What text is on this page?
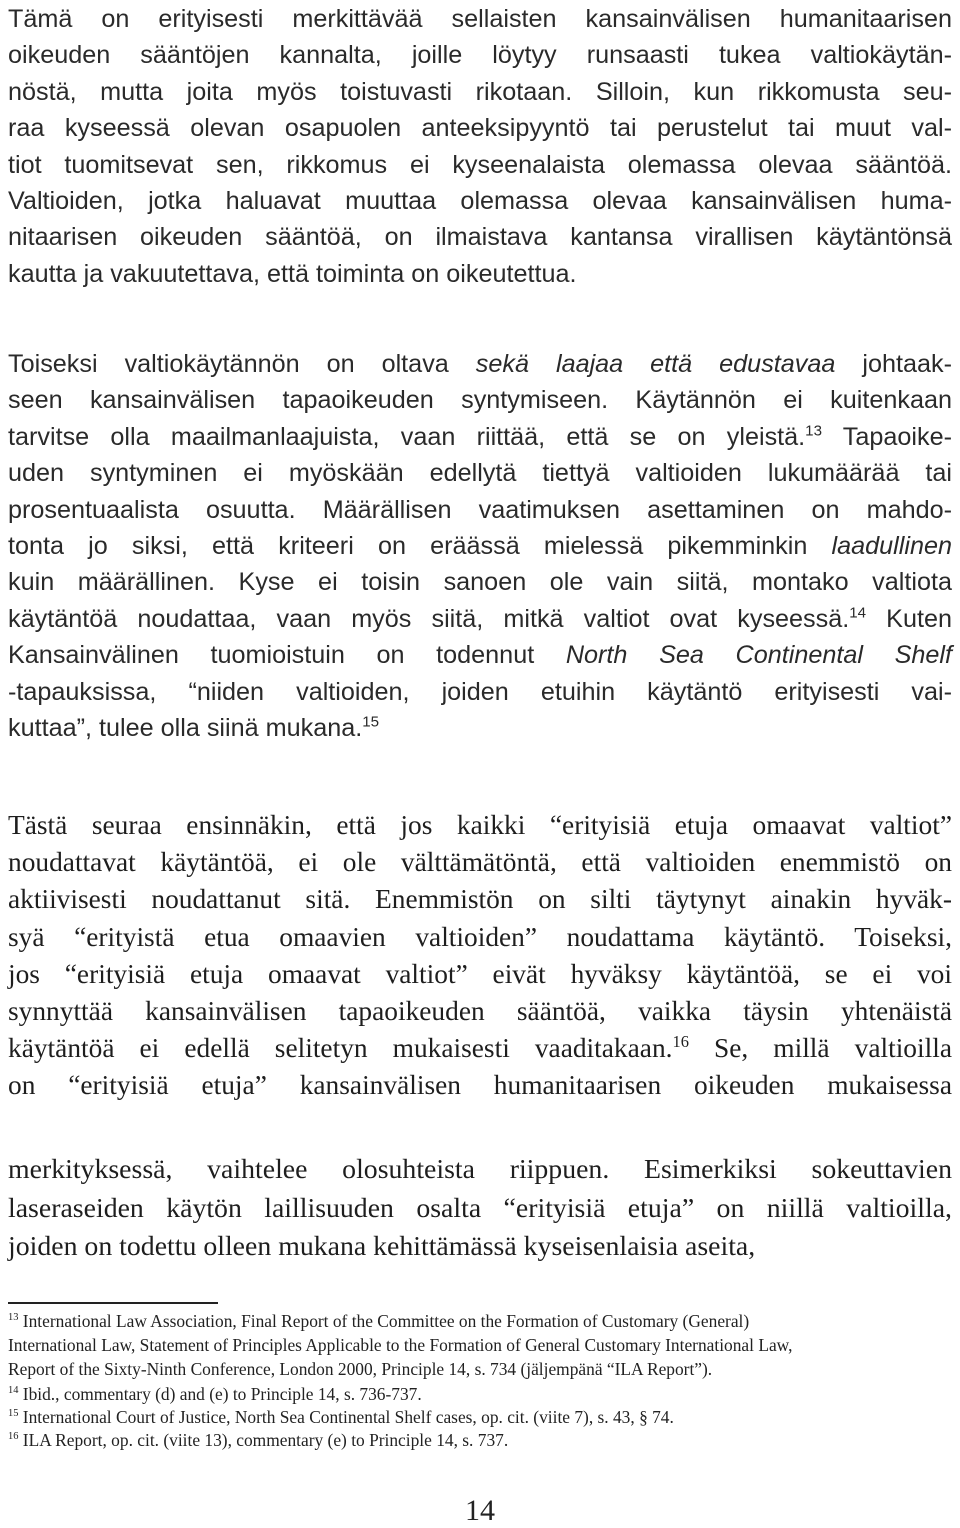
Tämä on erityisesti merkittävää sellaisten kansainvälisen humanitaarisen
oikeuden sääntöjen kannalta, joille löytyy runsaasti tukea valtiokäytän-
nöstä, mutta joita myös toistuvasti rikotaan. Silloin, kun rikkomusta seu-
raa kyseessä olevan osapuolen anteeksipyyntö tai perustelut tai muut val-
tiot tuomitsevat sen, rikkomus ei kyseenalaista olemassa olevaa sääntöä.
Valtioiden, jotka haluavat muuttaa olemassa olevaa kansainvälisen huma-
nitaarisen oikeuden sääntöä, on ilmaistava kantansa virallisen käytäntönsä
kautta ja vakuutettava, että toiminta on oikeutettua.
Toiseksi valtiokäytännön on oltava sekä laajaa että edustavaa johtaak-
seen kansainvälisen tapaoikeuden syntymiseen. Käytännön ei kuitenkaan
tarvitse olla maailmanlaajuista, vaan riittää, että se on yleistä.$^{13}$ Tapaoike-
uden syntyminen ei myöskään edellytä tiettyä valtioiden lukumäärää tai
prosentuaalista osuutta. Määrällisen vaatimuksen asettaminen on mahdo-
tonta jo siksi, että kriteeri on eräässä mielessä pikemminkin laadullinen
kuin määrällinen. Kyse ei toisin sanoen ole vain siitä, montako valtiota
käytäntöä noudattaa, vaan myös siitä, mitkä valtiot ovat kyseessä.$^{14}$ Kuten
Kansainvälinen tuomioistuin on todennut North Sea Continental Shelf
-tapauksissa, “niiden valtioiden, joiden etuihin käytäntö erityisesti vai-
kuttaa”, tulee olla siinä mukana.$^{15}$
Tästä seuraa ensinnäkin, että jos kaikki “erityisiä etuja omaavat valtiot”
noudattavat käytäntöä, ei ole välttämätöntä, että valtioiden enemmistö on
aktiivisesti noudattanut sitä. Enemmistön on silti täytynyt ainakin hyväk-
syä “erityistä etua omaavien valtioiden” noudattama käytäntö. Toiseksi,
jos “erityisiä etuja omaavat valtiot” eivät hyväksy käytäntöä, se ei voi
synnyttää kansainvälisen tapaoikeuden sääntöä, vaikka täysin yhtenäistä
käytäntöä ei edellä selitetyn mukaisesti vaaditakaan.$^{16}$ Se, millä valtioilla
on “erityisiä etuja” kansainvälisen humanitaarisen oikeuden mukaisessa
merkityksessä, vaihtelee olosuhteista riippuen. Esimerkiksi sokeuttavien
laseraseiden käytön laillisuuden osalta “erityisiä etuja” on niillä valtioilla,
joiden on todettu olleen mukana kehittämässä kyseisenlaisia aseita,
$^{13}$ International Law Association, Final Report of the Committee on the Formation of Customary (General)
International Law, Statement of Principles Applicable to the Formation of General Customary International Law,
Report of the Sixty-Ninth Conference, London 2000, Principle 14, s. 734 (jäljempänä “ILA Report”).
$^{14}$ Ibid., commentary (d) and (e) to Principle 14, s. 736-737.
$^{15}$ International Court of Justice, North Sea Continental Shelf cases, op. cit. (viite 7), s. 43, § 74.
$^{16}$ ILA Report, op. cit. (viite 13), commentary (e) to Principle 14, s. 737.
14
